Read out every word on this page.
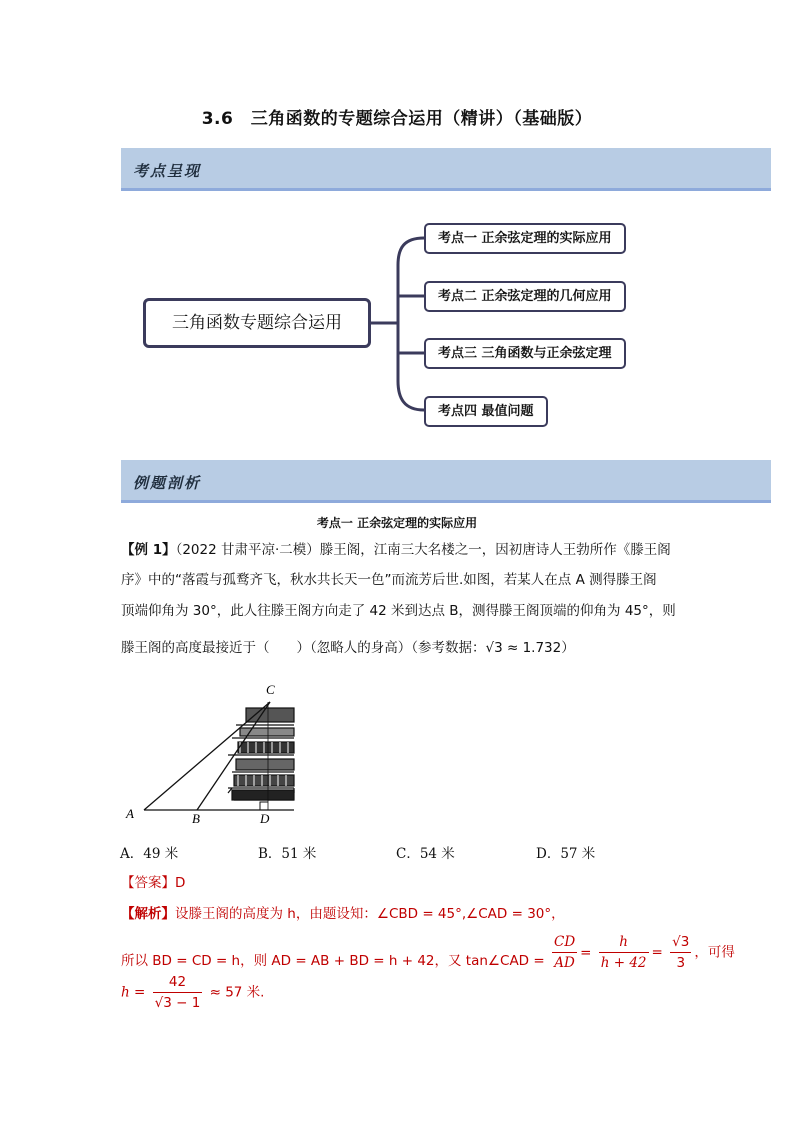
3.6　三角函数的专题综合运用（精讲）（基础版）
考点呈现
三角函数专题综合运用
考点一 正余弦定理的实际应用
考点二 正余弦定理的几何应用
考点三 三角函数与正余弦定理
考点四 最值问题
例题剖析
考点一 正余弦定理的实际应用
【例 1】（2022 甘肃平凉·二模）滕王阁，江南三大名楼之一，因初唐诗人王勃所作《滕王阁
序》中的“落霞与孤鹜齐飞，秋水共长天一色”而流芳后世.如图，若某人在点 A 测得滕王阁
顶端仰角为 30°，此人往滕王阁方向走了 42 米到达点 B，测得滕王阁顶端的仰角为 45°，则
滕王阁的高度最接近于（　　）（忽略人的身高）（参考数据：√3 ≈ 1.732）
C
A	B	D
A．49 米	B．51 米	C．54 米	D．57 米
【答案】D
【解析】设滕王阁的高度为 h，由题设知：∠CBD = 45°,∠CAD = 30°，
所以 BD = CD = h，则 AD = AB + BD = h + 42，又 tan∠CAD = $\frac{CD}{AD} = \frac{h}{h + 42} = \frac{√3}{3}$ ，可得
$h = \frac{42}{√3 - 1} \approx 57$ 米.
